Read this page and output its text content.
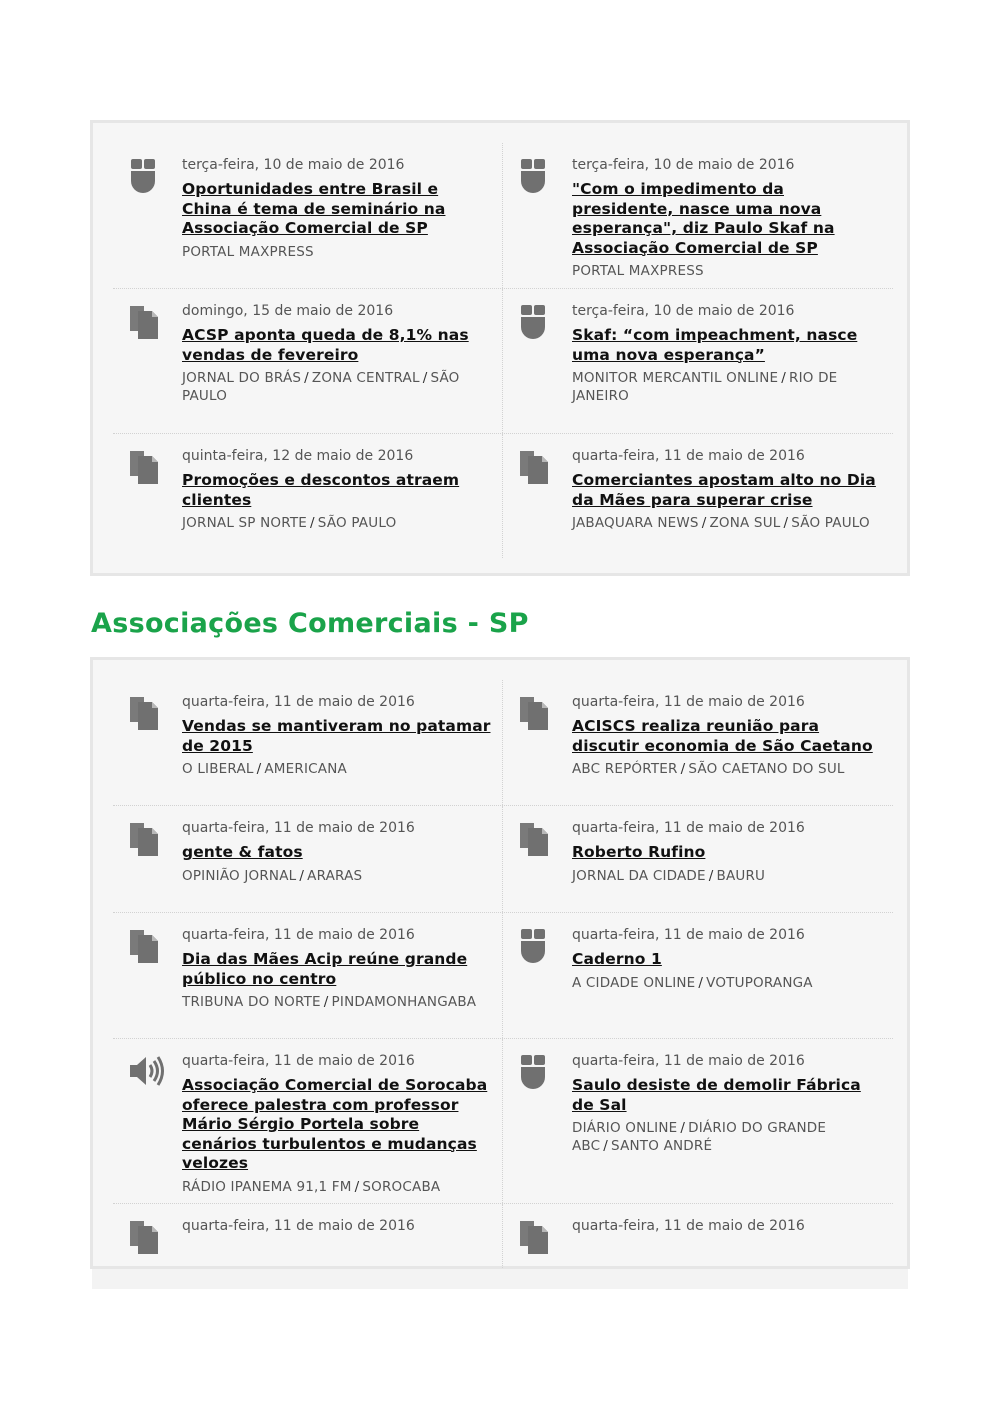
terça-feira, 10 de maio de 2016
Oportunidades entre Brasil e China é tema de seminário na Associação Comercial de SP
PORTAL MAXPRESS
terça-feira, 10 de maio de 2016
"Com o impedimento da presidente, nasce uma nova esperança", diz Paulo Skaf na Associação Comercial de SP
PORTAL MAXPRESS
domingo, 15 de maio de 2016
ACSP aponta queda de 8,1% nas vendas de fevereiro
JORNAL DO BRÁS / ZONA CENTRAL / SÃO PAULO
terça-feira, 10 de maio de 2016
Skaf: “com impeachment, nasce uma nova esperança”
MONITOR MERCANTIL ONLINE / RIO DE JANEIRO
quinta-feira, 12 de maio de 2016
Promoções e descontos atraem clientes
JORNAL SP NORTE / SÃO PAULO
quarta-feira, 11 de maio de 2016
Comerciantes apostam alto no Dia da Mães para superar crise
JABAQUARA NEWS / ZONA SUL / SÃO PAULO
Associações Comerciais - SP
quarta-feira, 11 de maio de 2016
Vendas se mantiveram no patamar de 2015
O LIBERAL / AMERICANA
quarta-feira, 11 de maio de 2016
ACISCS realiza reunião para discutir economia de São Caetano
ABC REPÓRTER / SÃO CAETANO DO SUL
quarta-feira, 11 de maio de 2016
gente & fatos
OPINIÃO JORNAL / ARARAS
quarta-feira, 11 de maio de 2016
Roberto Rufino
JORNAL DA CIDADE / BAURU
quarta-feira, 11 de maio de 2016
Dia das Mães Acip reúne grande público no centro
TRIBUNA DO NORTE / PINDAMONHANGABA
quarta-feira, 11 de maio de 2016
Caderno 1
A CIDADE ONLINE / VOTUPORANGA
quarta-feira, 11 de maio de 2016
Associação Comercial de Sorocaba oferece palestra com professor Mário Sérgio Portela sobre cenários turbulentos e mudanças velozes
RÁDIO IPANEMA 91,1 FM / SOROCABA
quarta-feira, 11 de maio de 2016
Saulo desiste de demolir Fábrica de Sal
DIÁRIO ONLINE / DIÁRIO DO GRANDE ABC / SANTO ANDRÉ
quarta-feira, 11 de maio de 2016	quarta-feira, 11 de maio de 2016
